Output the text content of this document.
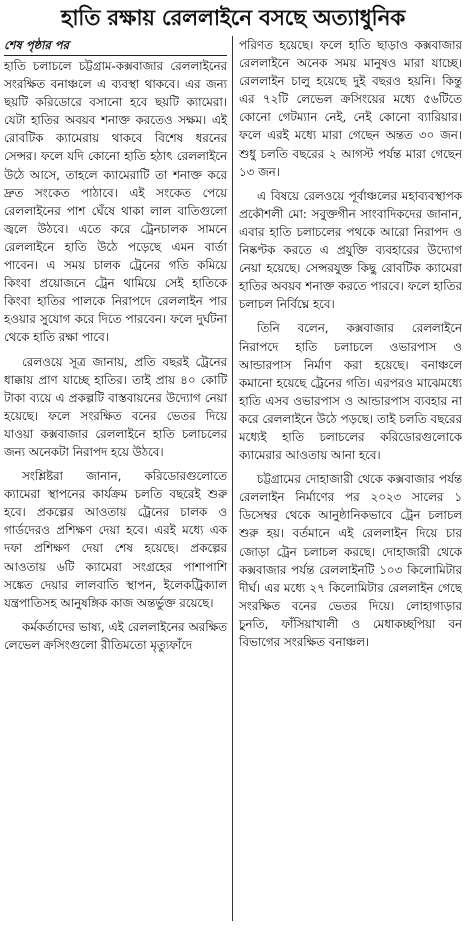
হাতি রক্ষায় রেললাইনে বসছে অত্যাধুনিক
শেষ পৃষ্ঠার পর

হাতি চলাচলে চট্টগ্রাম-কক্সবাজার রেললাইনের সংরক্ষিত বনাঞ্চলে এ ব্যবস্থা থাকবে। এর জন্য ছয়টি করিডোরে বসানো হবে ছয়টি ক্যামেরা। যেটা হাতির অবয়ব শনাক্ত করতেও সক্ষম। এই রোবটিক ক্যামেরায় থাকবে বিশেষ ধরনের সেন্সর। ফলে যদি কোনো হাতি হঠাৎ রেললাইনে উঠে আসে, তাহলে ক্যামেরাটি তা শনাক্ত করে দ্রুত সংকেত পাঠাবে। এই সংকেত পেয়ে রেললাইনের পাশ ঘেঁষে থাকা লাল বাতিগুলো জ্বলে উঠবে। এতে করে ট্রেনচালক সামনে রেললাইনে হাতি উঠে পড়েছে এমন বার্তা পাবেন। এ সময় চালক ট্রেনের গতি কমিয়ে কিংবা প্রয়োজনে ট্রেন থামিয়ে সেই হাতিকে কিংবা হাতির পালকে নিরাপদে রেললাইন পার হওয়ার সুযোগ করে দিতে পারবেন। ফলে দুর্ঘটনা থেকে হাতি রক্ষা পাবে।

রেলওয়ে সূত্র জানায়, প্রতি বছরই ট্রেনের ধাক্কায় প্রাণ যাচ্ছে হাতির। তাই প্রায় ৪০ কোটি টাকা ব্যয়ে এ প্রকল্পটি বাস্তবায়নের উদ্যোগ নেয়া হয়েছে। ফলে সংরক্ষিত বনের ভেতর দিয়ে যাওয়া কক্সবাজার রেললাইনে হাতি চলাচলের জন্য অনেকটা নিরাপদ হয়ে উঠবে।

সংশ্লিষ্টরা জানান, করিডোরগুলোতে ক্যামেরা স্থাপনের কার্যক্রম চলতি বছরেই শুরু হবে। প্রকল্পের আওতায় ট্রেনের চালক ও গার্ডদেরও প্রশিক্ষণ দেয়া হবে। এরই মধ্যে এক দফা প্রশিক্ষণ দেয়া শেষ হয়েছে। প্রকল্পের আওতায় ৬টি ক্যামেরা সংগ্রহের পাশাপাশি সঙ্কেত দেয়ার লালবাতি স্থাপন, ইলেকট্রিক্যাল যন্ত্রপাতিসহ আনুষঙ্গিক কাজ অন্তর্ভুক্ত রয়েছে।

কর্মকর্তাদের ভাষ্য, এই রেললাইনের অরক্ষিত লেভেল ক্রসিংগুলো রীতিমতো মৃত্যুফাঁদে

পরিণত হয়েছে। ফলে হাতি ছাড়াও কক্সবাজার রেললাইনে অনেক সময় মানুষও মারা যাচ্ছে। রেললাইন চালু হয়েছে দুই বছরও হয়নি। কিন্তু এর ৭২টি লেভেল ক্রসিংয়ের মধ্যে ৫৬টিতে কোনো গেটম্যান নেই, নেই কোনো ব্যারিয়ার। ফলে এরই মধ্যে মারা গেছেন অন্তত ৩০ জন। শুধু চলতি বছরের ২ আগস্ট পর্যন্ত মারা গেছেন ১৩ জন।

এ বিষয়ে রেলওয়ে পূর্বাঞ্চলের মহাব্যবস্থাপক প্রকৌশলী মো: সবুক্তগীন সাংবাদিকদের জানান, এবার হাতি চলাচলের পথকে আরো নিরাপদ ও নিষ্কণ্টক করতে এ প্রযুক্তি ব্যবহারের উদ্যোগ নেয়া হয়েছে। সেন্সরযুক্ত কিছু রোবটিক ক্যামেরা হাতির অবয়ব শনাক্ত করতে পারবে। ফলে হাতির চলাচল নির্বিঘ্নে হবে।

তিনি বলেন, কক্সবাজার রেললাইনে নিরাপদে হাতি চলাচলে ওভারপাস ও আন্ডারপাস নির্মাণ করা হয়েছে। বনাঞ্চলে কমানো হয়েছে ট্রেনের গতি। এরপরও মাঝেমধ্যে হাতি এসব ওভারপাস ও আন্ডারপাস ব্যবহার না করে রেললাইনে উঠে পড়ছে। তাই চলতি বছরের মধ্যেই হাতি চলাচলের করিডোরগুলোকে ক্যামেরার আওতায় আনা হবে।

চট্টগ্রামের দোহাজারী থেকে কক্সবাজার পর্যন্ত রেললাইন নির্মাণের পর ২০২৩ সালের ১ ডিসেম্বর থেকে আনুষ্ঠানিকভাবে ট্রেন চলাচল শুরু হয়। বর্তমানে এই রেললাইন দিয়ে চার জোড়া ট্রেন চলাচল করছে। দোহাজারী থেকে কক্সবাজার পর্যন্ত রেললাইনটি ১০৩ কিলোমিটার দীর্ঘ। এর মধ্যে ২৭ কিলোমিটার রেললাইন গেছে সংরক্ষিত বনের ভেতর দিয়ে। লোহাগাড়ার চুনতি, ফাঁসিয়াখালী ও মেধাকচ্ছপিয়া বন বিভাগের সংরক্ষিত বনাঞ্চল।
